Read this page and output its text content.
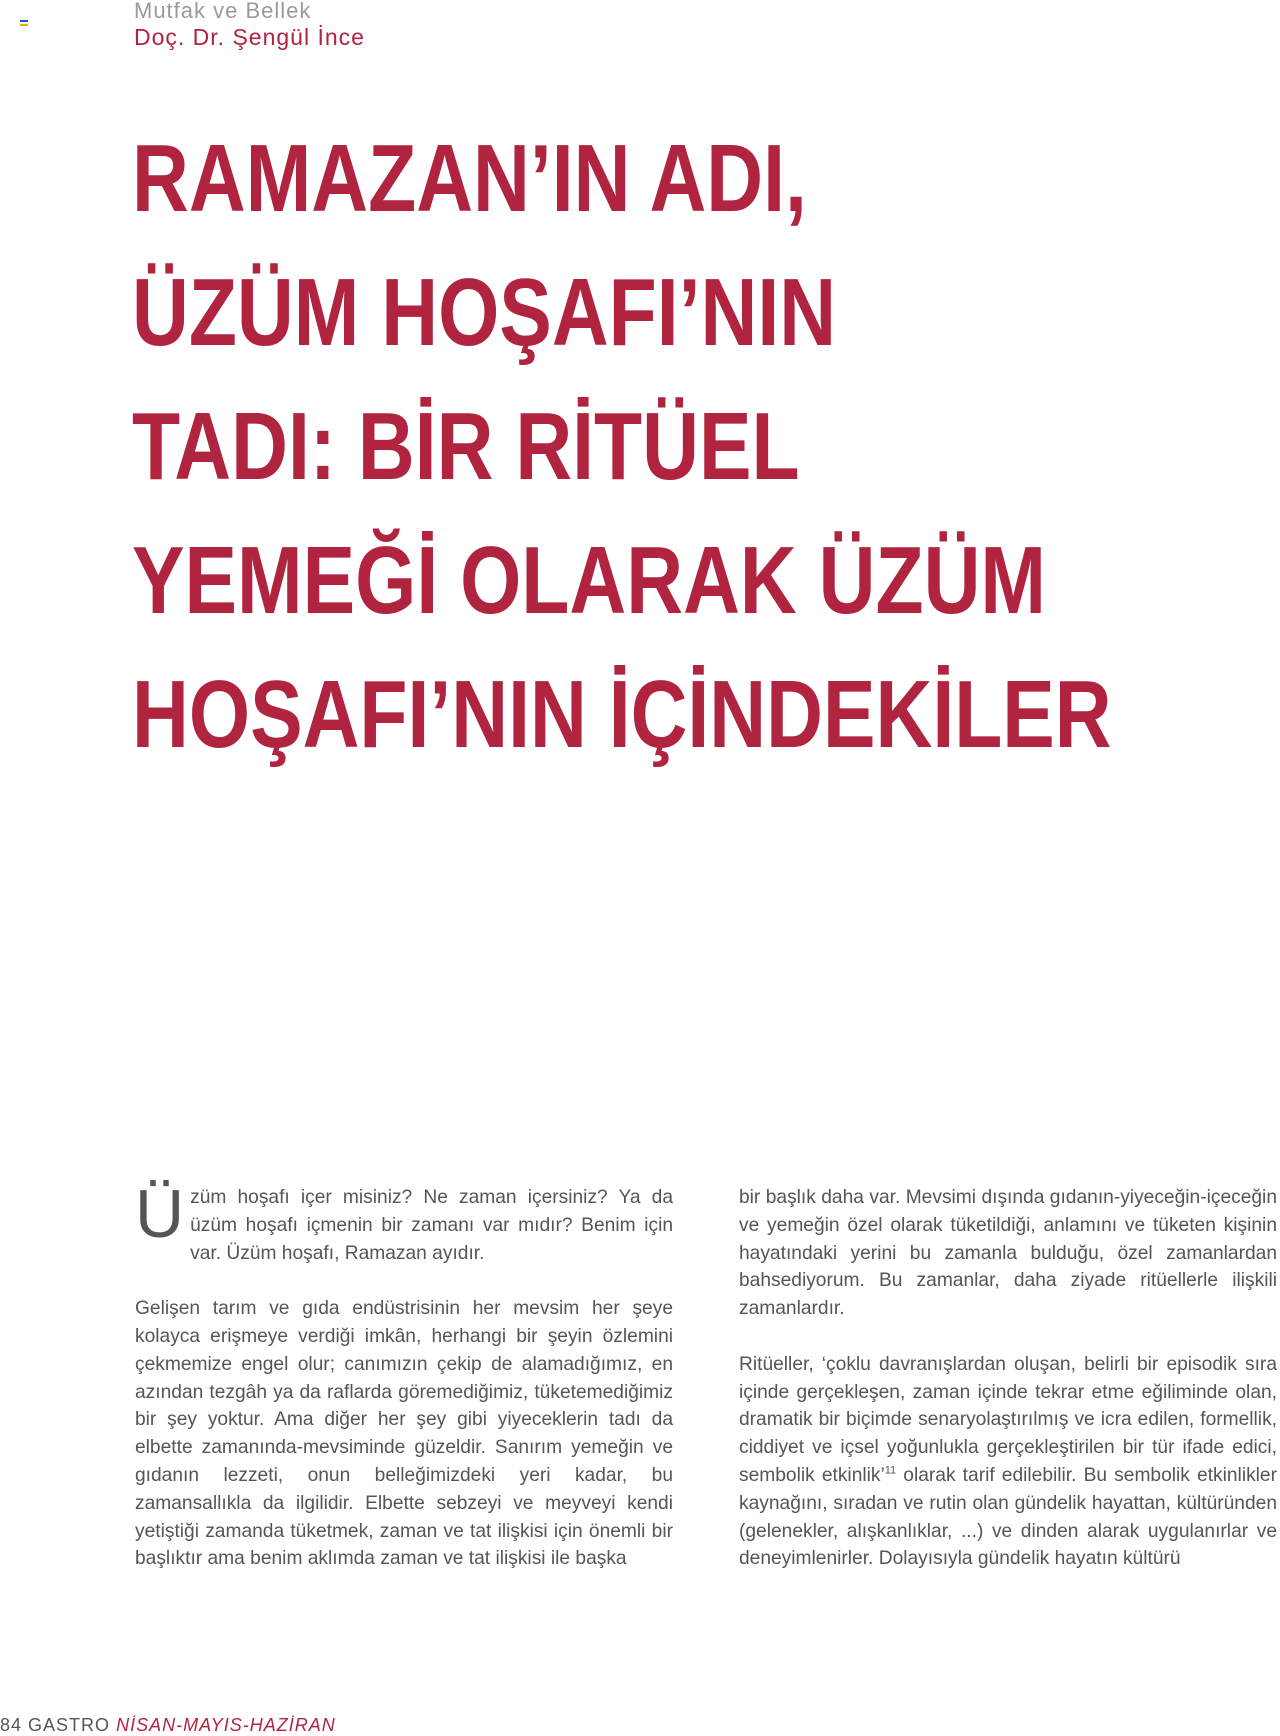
Mutfak ve Bellek
Doç. Dr. Şengül İnce
RAMAZAN’IN ADI,
ÜZÜM HOŞAFI’NIN
TADI: BİR RİTÜEL
YEMEĞİ OLARAK ÜZÜM
HOŞAFI’NIN İÇİNDEKİLER

Üzüm hoşafı içer misiniz? Ne zaman içersiniz? Ya da üzüm hoşafı içmenin bir zamanı var mıdır? Benim için var. Üzüm hoşafı, Ramazan ayıdır.

Gelişen tarım ve gıda endüstrisinin her mevsim her şeye kolayca erişmeye verdiği imkân, herhangi bir şeyin özlemini çekmemize engel olur; canımızın çekip de alamadığımız, en azından tezgâh ya da raflarda göremediğimiz, tüketemediğimiz bir şey yoktur. Ama diğer her şey gibi yiyeceklerin tadı da elbette zamanında-mevsiminde güzeldir. Sanırım yemeğin ve gıdanın lezzeti, onun belleğimizdeki yeri kadar, bu zamansallıkla da ilgilidir. Elbette sebzeyi ve meyveyi kendi yetiştiği zamanda tüketmek, zaman ve tat ilişkisi için önemli bir başlıktır ama benim aklımda zaman ve tat ilişkisi ile başka

bir başlık daha var. Mevsimi dışında gıdanın-yiyeceğin-içeceğin ve yemeğin özel olarak tüketildiği, anlamını ve tüketen kişinin hayatındaki yerini bu zamanla bulduğu, özel zamanlardan bahsediyorum. Bu zamanlar, daha ziyade ritüellerle ilişkili zamanlardır.

Ritüeller, ‘çoklu davranışlardan oluşan, belirli bir episodik sıra içinde gerçekleşen, zaman içinde tekrar etme eğiliminde olan, dramatik bir biçimde senaryolaştırılmış ve icra edilen, formellik, ciddiyet ve içsel yoğunlukla gerçekleştirilen bir tür ifade edici, sembolik etkinlik’$^{11}$ olarak tarif edilebilir. Bu sembolik etkinlikler kaynağını, sıradan ve rutin olan gündelik hayattan, kültüründen (gelenekler, alışkanlıklar, ...) ve dinden alarak uygulanırlar ve deneyimlenirler. Dolayısıyla gündelik hayatın kültürü

84 GASTRO NİSAN-MAYIS-HAZİRAN
